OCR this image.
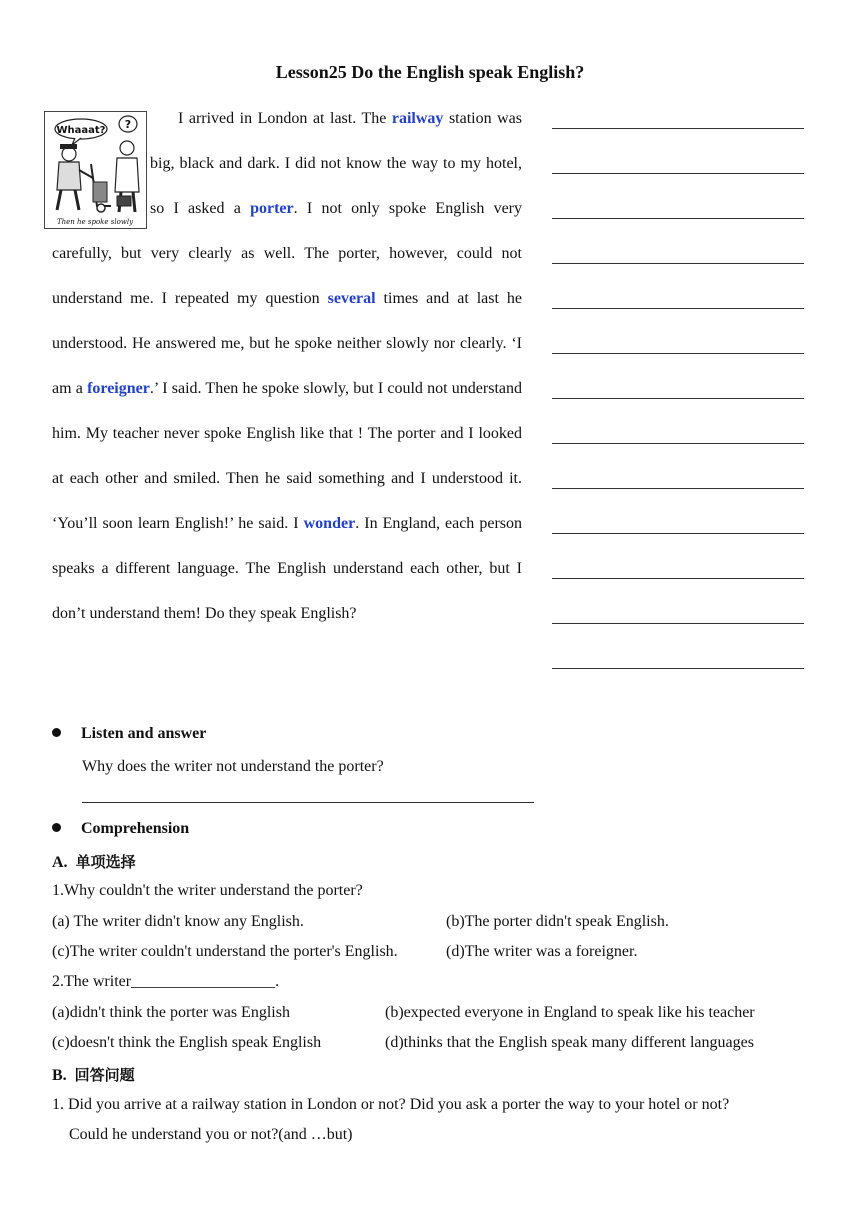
Lesson25 Do the English speak English?
Whaaat? ?
Then he spoke slowly
I arrived in London at last. The railway station was big, black and dark. I did not know the way to my hotel, so I asked a porter. I not only spoke English very carefully, but very clearly as well. The porter, however, could not understand me. I repeated my question several times and at last he understood. He answered me, but he spoke neither slowly nor clearly. ‘I am a foreigner.’ I said. Then he spoke slowly, but I could not understand him. My teacher never spoke English like that ! The porter and I looked at each other and smiled. Then he said something and I understood it. ‘You’ll soon learn English!’ he said. I wonder. In England, each person speaks a different language. The English understand each other, but I don’t understand them! Do they speak English?
Listen and answer
Why does the writer not understand the porter?
Comprehension
A. 单项选择
1.Why couldn't the writer understand the porter?
(a) The writer didn't know any English.	(b)The porter didn't speak English.
(c)The writer couldn't understand the porter's English.	(d)The writer was a foreigner.
2.The writer__________________.
(a)didn't think the porter was English	(b)expected everyone in England to speak like his teacher
(c)doesn't think the English speak English	(d)thinks that the English speak many different languages
B. 回答问题
1. Did you arrive at a railway station in London or not? Did you ask a porter the way to your hotel or not?
Could he understand you or not?(and …but)
